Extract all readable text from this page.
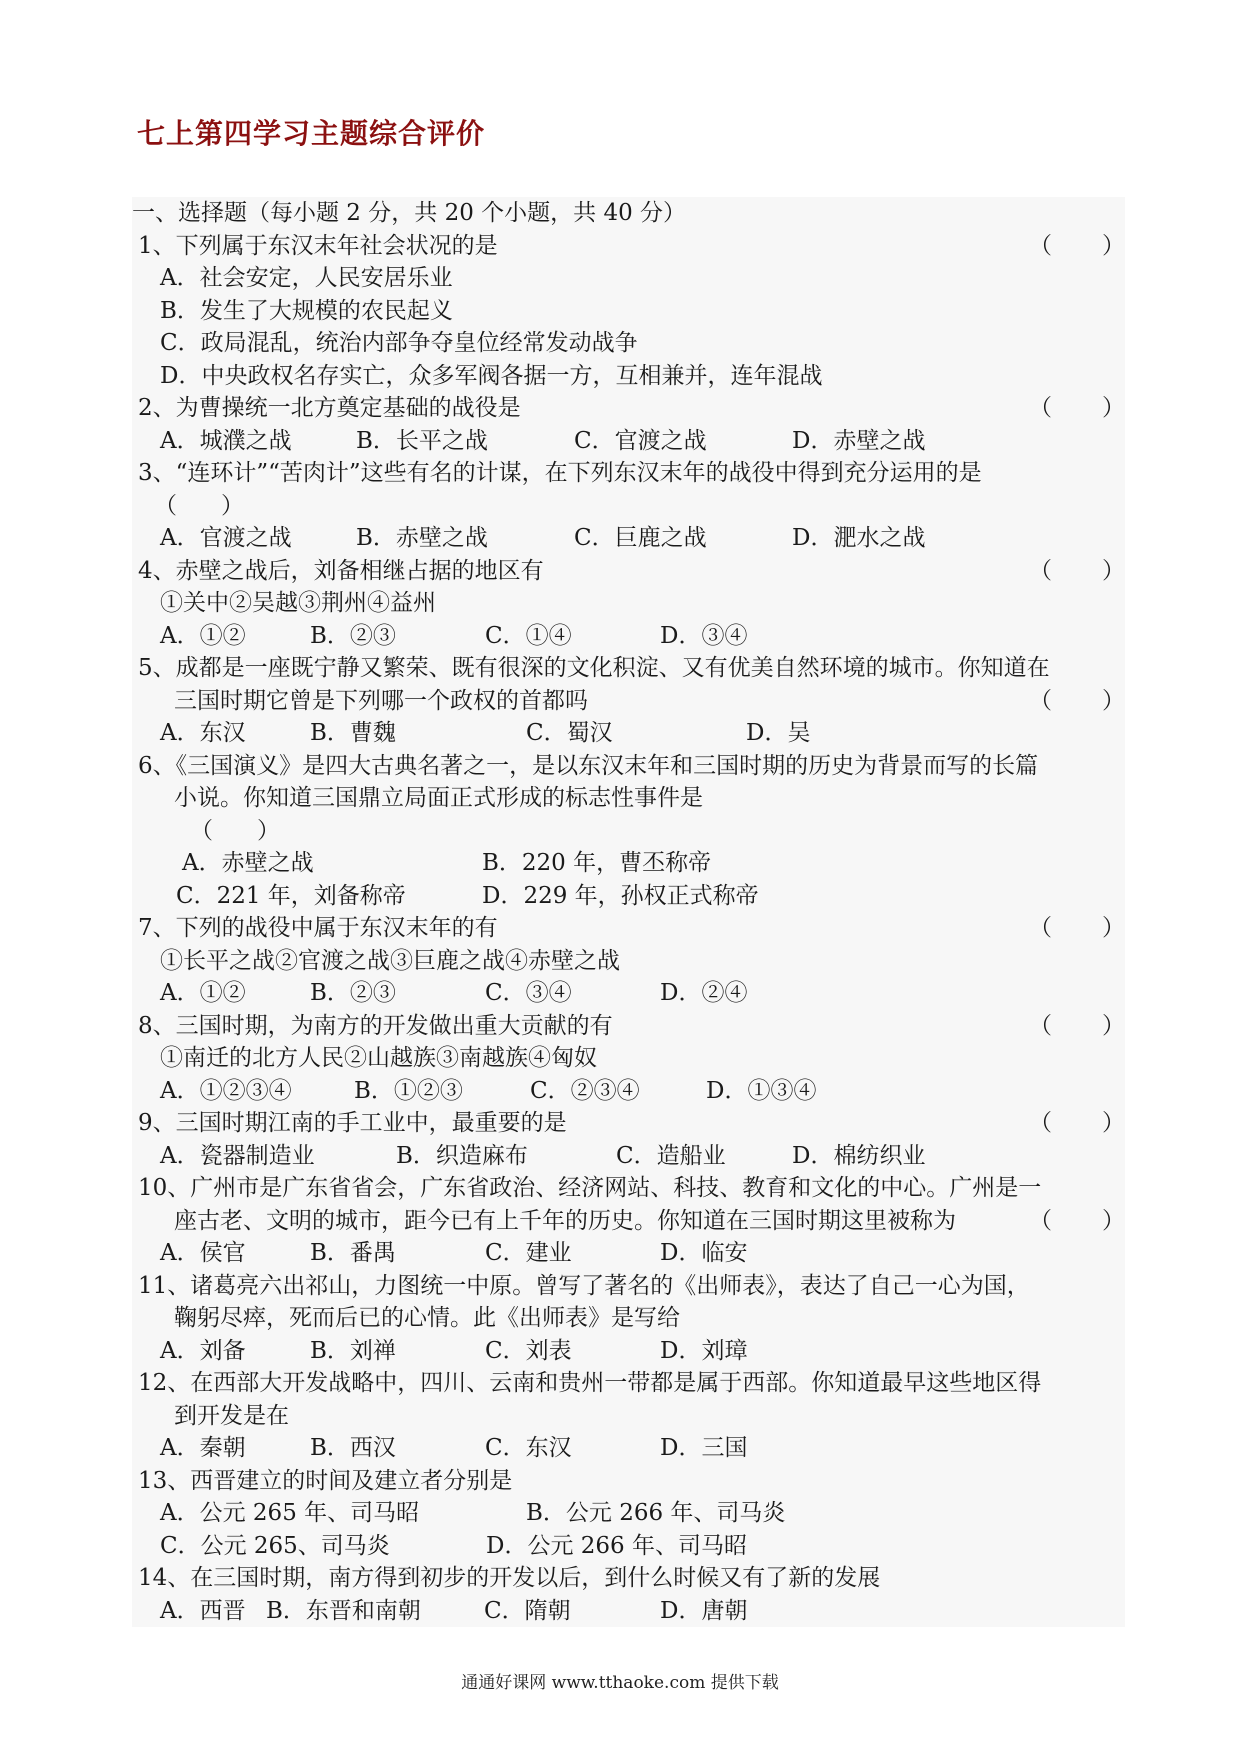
七上第四学习主题综合评价
一、选择题（每小题 2 分，共 20 个小题，共 40 分）
1、下列属于东汉末年社会状况的是	（ ）
A．社会安定，人民安居乐业
B．发生了大规模的农民起义
C．政局混乱，统治内部争夺皇位经常发动战争
D．中央政权名存实亡，众多军阀各据一方，互相兼并，连年混战
2、为曹操统一北方奠定基础的战役是	（ ）
A．城濮之战	B．长平之战	C．官渡之战	D．赤壁之战
3、“连环计”“苦肉计”这些有名的计谋，在下列东汉末年的战役中得到充分运用的是
（ ）
A．官渡之战	B．赤壁之战	C．巨鹿之战	D．淝水之战
4、赤壁之战后，刘备相继占据的地区有	（ ）
①关中②吴越③荆州④益州
A．①②	B．②③	C．①④	D．③④
5、成都是一座既宁静又繁荣、既有很深的文化积淀、又有优美自然环境的城市。你知道在
三国时期它曾是下列哪一个政权的首都吗	（ ）
A．东汉	B．曹魏	C．蜀汉	D．吴
6、《三国演义》是四大古典名著之一，是以东汉末年和三国时期的历史为背景而写的长篇
小说。你知道三国鼎立局面正式形成的标志性事件是
（ ）
A．赤壁之战	B．220 年，曹丕称帝
C．221 年，刘备称帝	D．229 年，孙权正式称帝
7、下列的战役中属于东汉末年的有	（ ）
①长平之战②官渡之战③巨鹿之战④赤壁之战
A．①②	B．②③	C．③④	D．②④
8、三国时期，为南方的开发做出重大贡献的有	（ ）
①南迁的北方人民②山越族③南越族④匈奴
A．①②③④	B．①②③	C．②③④	D．①③④
9、三国时期江南的手工业中，最重要的是	（ ）
A．瓷器制造业	B．织造麻布	C．造船业	D．棉纺织业
10、广州市是广东省省会，广东省政治、经济网站、科技、教育和文化的中心。广州是一
座古老、文明的城市，距今已有上千年的历史。你知道在三国时期这里被称为	（ ）
A．侯官	B．番禺	C．建业	D．临安
11、诸葛亮六出祁山，力图统一中原。曾写了著名的《出师表》，表达了自己一心为国，
鞠躬尽瘁，死而后已的心情。此《出师表》是写给
A．刘备	B．刘禅	C．刘表	D．刘璋
12、在西部大开发战略中，四川、云南和贵州一带都是属于西部。你知道最早这些地区得
到开发是在
A．秦朝	B．西汉	C．东汉	D．三国
13、西晋建立的时间及建立者分别是
A．公元 265 年、司马昭	B．公元 266 年、司马炎
C．公元 265、司马炎	D．公元 266 年、司马昭
14、在三国时期，南方得到初步的开发以后，到什么时候又有了新的发展
A．西晋 B．东晋和南朝	C．隋朝	D．唐朝
通通好课网 www.tthaoke.com 提供下载
